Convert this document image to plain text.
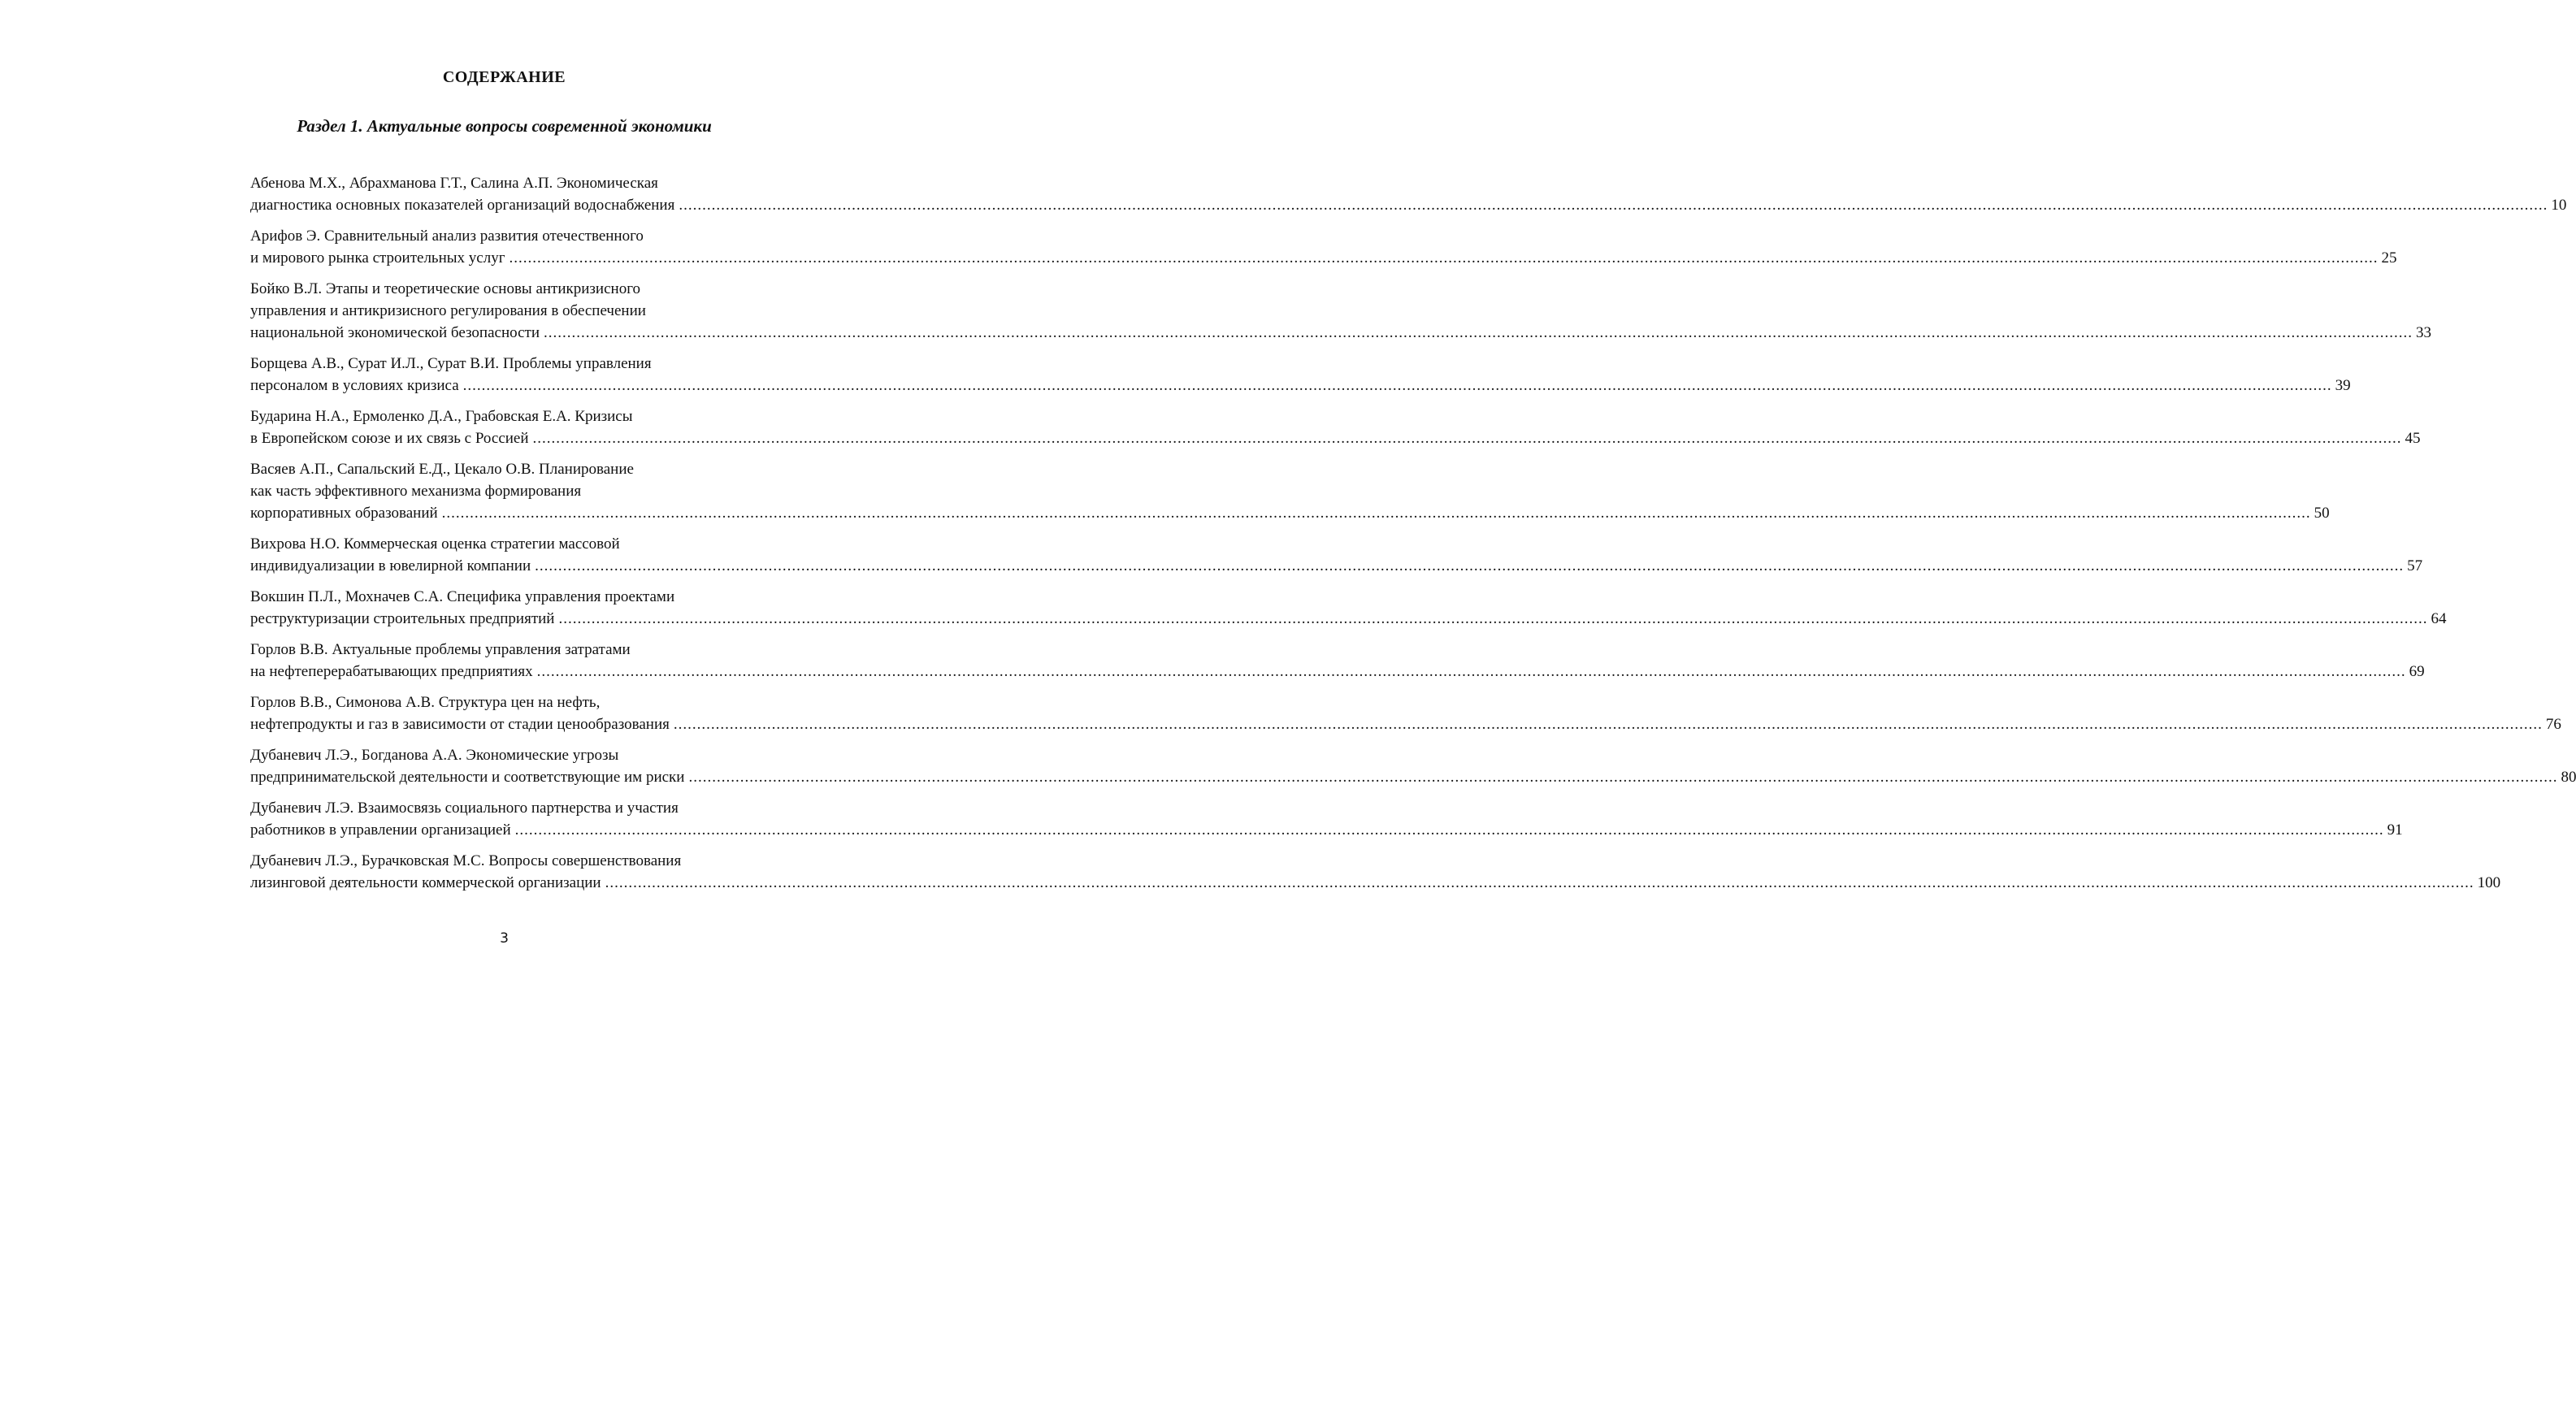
СОДЕРЖАНИЕ
Раздел 1. Актуальные вопросы современной экономики
Абенова М.Х., Абрахманова Г.Т., Салина А.П. Экономическая
диагностика основных показателей организаций водоснабжения ................................................................................................................................................................................................................................................................................................................................................................................................................ 10
Арифов Э. Сравнительный анализ развития отечественного
и мирового рынка строительных услуг ................................................................................................................................................................................................................................................................................................................................................................................................................ 25
Бойко В.Л. Этапы и теоретические основы антикризисного
управления и антикризисного регулирования в обеспечении
национальной экономической безопасности ................................................................................................................................................................................................................................................................................................................................................................................................................ 33
Борщева А.В., Сурат И.Л., Сурат В.И. Проблемы управления
персоналом в условиях кризиса ................................................................................................................................................................................................................................................................................................................................................................................................................ 39
Бударина Н.А., Ермоленко Д.А., Грабовская Е.А. Кризисы
в Европейском союзе и их связь с Россией ................................................................................................................................................................................................................................................................................................................................................................................................................ 45
Васяев А.П., Сапальский Е.Д., Цекало О.В. Планирование
как часть эффективного механизма формирования
корпоративных образований ................................................................................................................................................................................................................................................................................................................................................................................................................ 50
Вихрова Н.О. Коммерческая оценка стратегии массовой
индивидуализации в ювелирной компании ................................................................................................................................................................................................................................................................................................................................................................................................................ 57
Вокшин П.Л., Мохначев С.А. Специфика управления проектами
реструктуризации строительных предприятий ................................................................................................................................................................................................................................................................................................................................................................................................................ 64
Горлов В.В. Актуальные проблемы управления затратами
на нефтеперерабатывающих предприятиях ................................................................................................................................................................................................................................................................................................................................................................................................................ 69
Горлов В.В., Симонова А.В. Структура цен на нефть,
нефтепродукты и газ в зависимости от стадии ценообразования ................................................................................................................................................................................................................................................................................................................................................................................................................ 76
Дубаневич Л.Э., Богданова А.А. Экономические угрозы
предпринимательской деятельности и соответствующие им риски ................................................................................................................................................................................................................................................................................................................................................................................................................ 80
Дубаневич Л.Э. Взаимосвязь социального партнерства и участия
работников в управлении организацией ................................................................................................................................................................................................................................................................................................................................................................................................................ 91
Дубаневич Л.Э., Бурачковская М.С. Вопросы совершенствования
лизинговой деятельности коммерческой организации ................................................................................................................................................................................................................................................................................................................................................................................................................ 100
3
